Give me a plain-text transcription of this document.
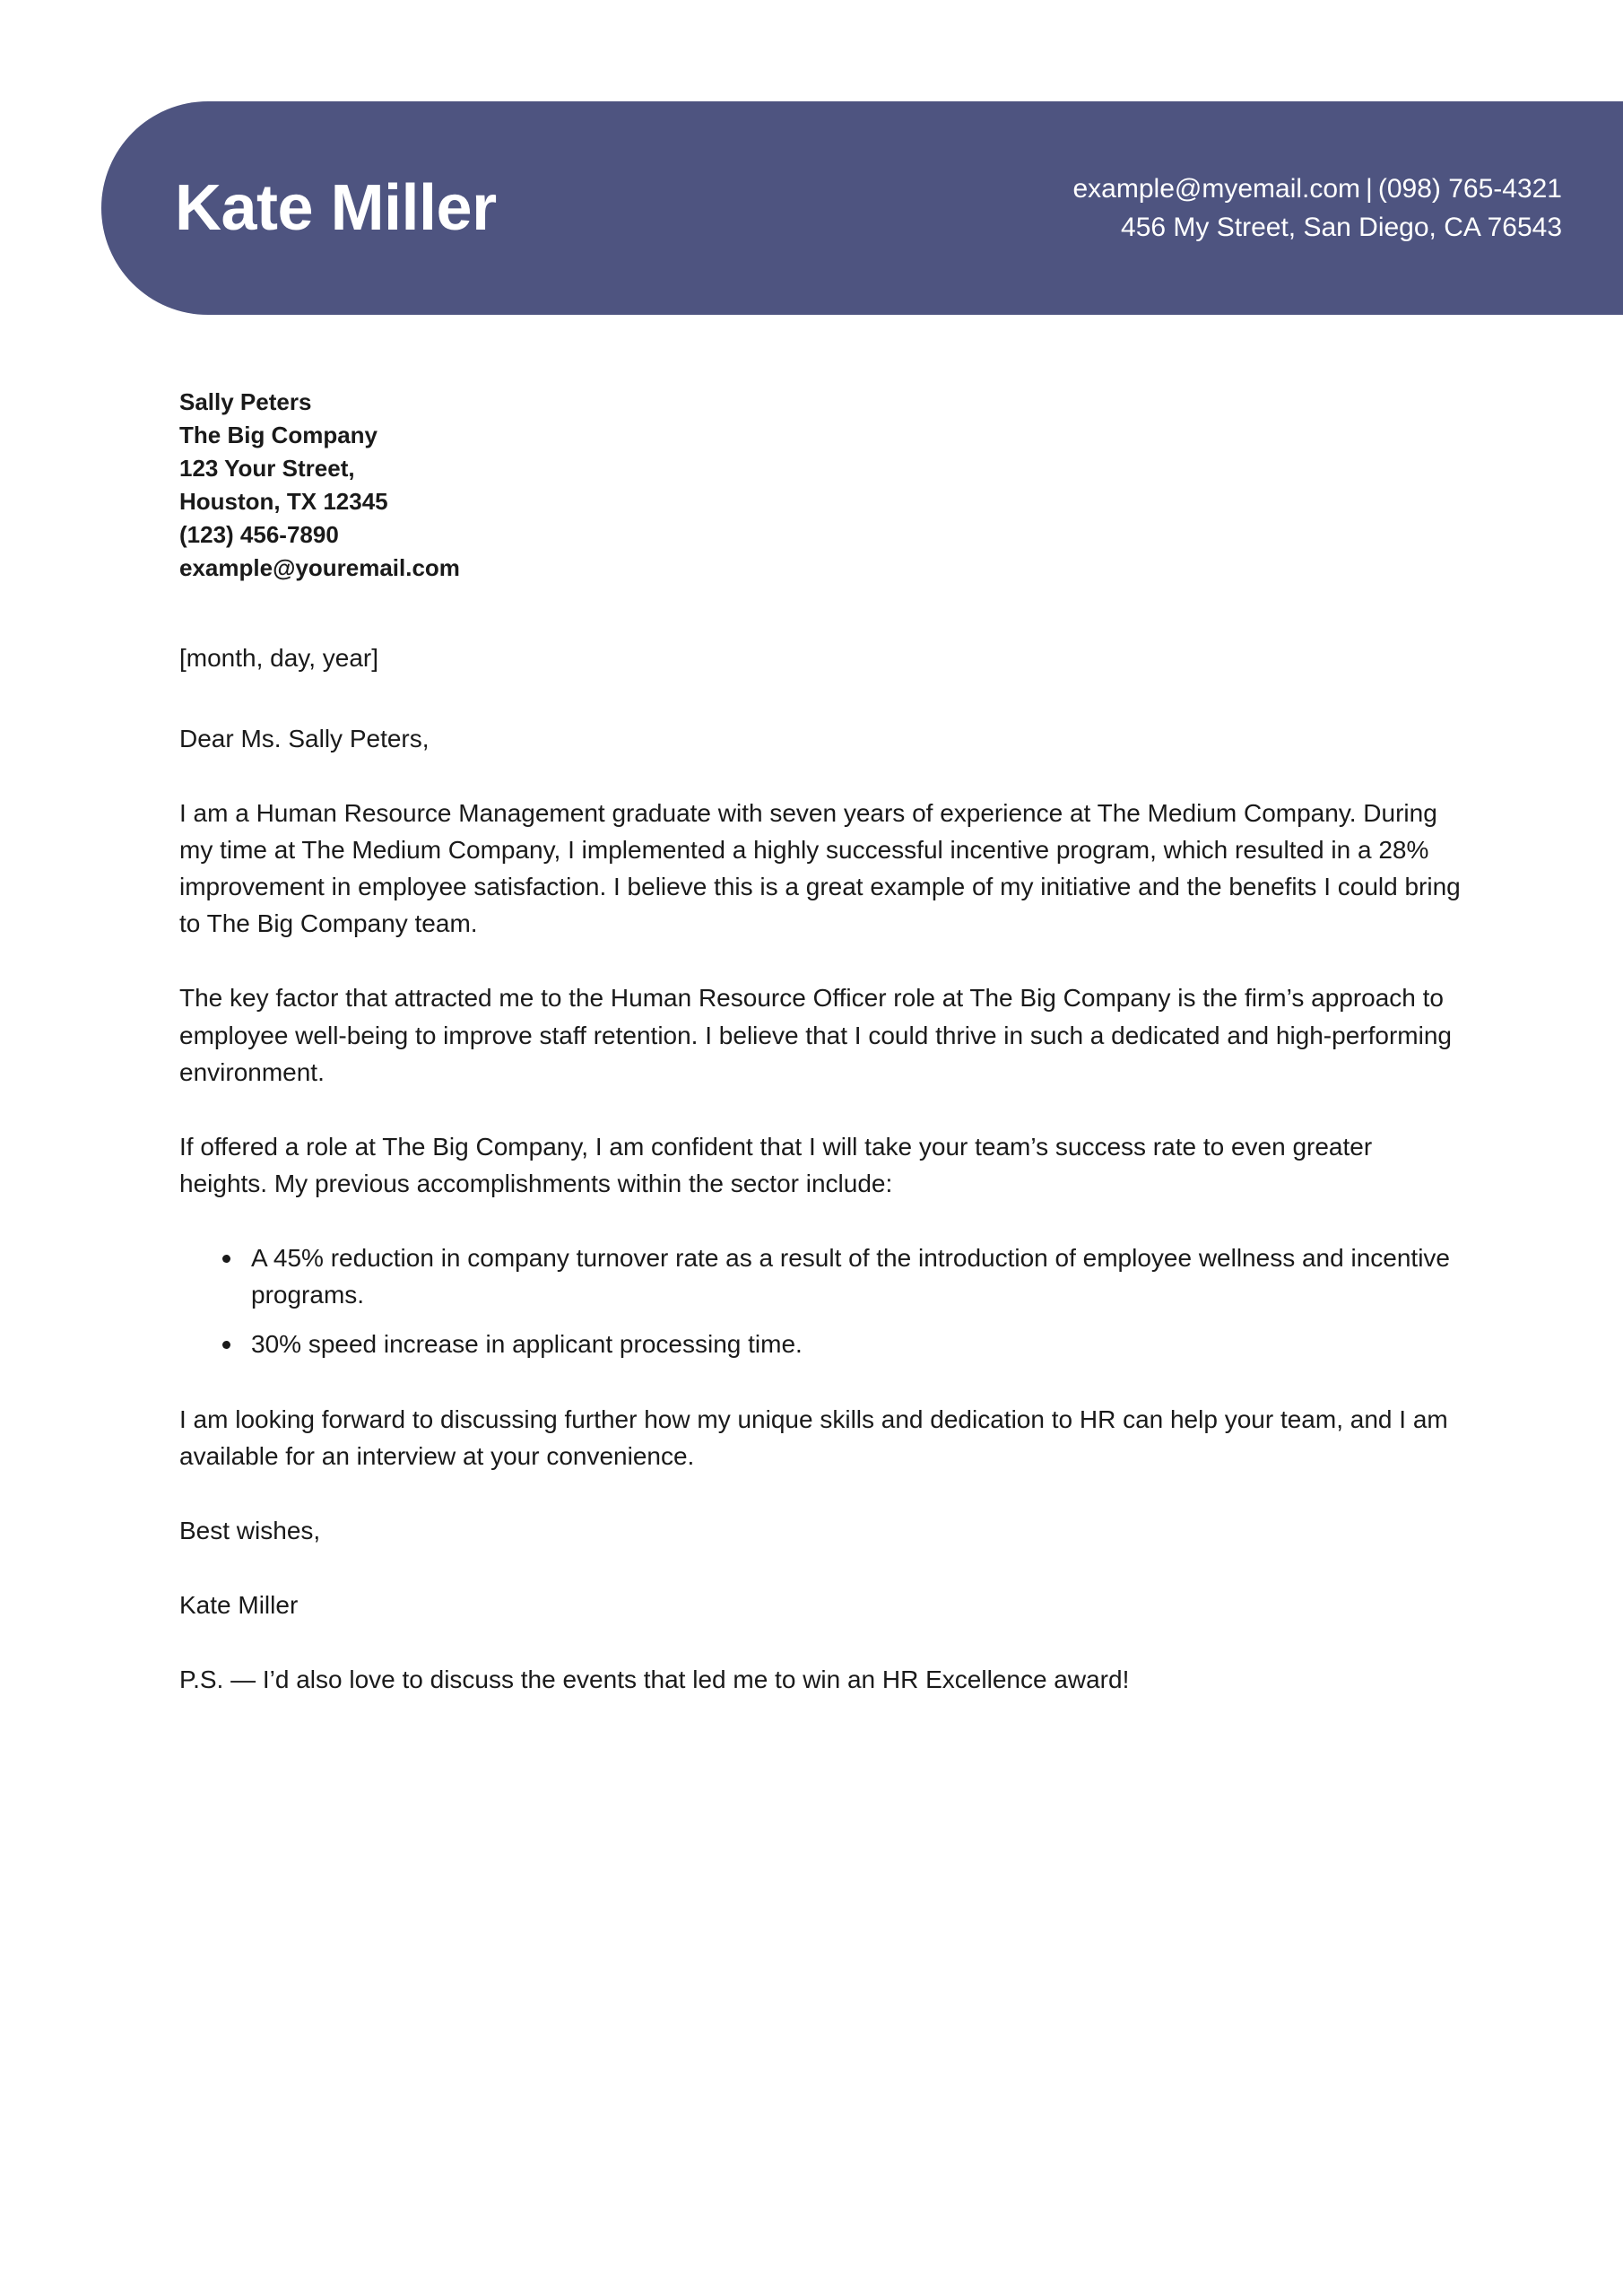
Kate Miller	example@myemail.com | (098) 765-4321
456 My Street, San Diego, CA 76543
Sally Peters
The Big Company
123 Your Street,
Houston, TX 12345
(123) 456-7890
example@youremail.com

[month, day, year]

Dear Ms. Sally Peters,

I am a Human Resource Management graduate with seven years of experience at The Medium Company. During my time at The Medium Company, I implemented a highly successful incentive program, which resulted in a 28% improvement in employee satisfaction. I believe this is a great example of my initiative and the benefits I could bring to The Big Company team.

The key factor that attracted me to the Human Resource Officer role at The Big Company is the firm’s approach to employee well-being to improve staff retention. I believe that I could thrive in such a dedicated and high-performing environment.

If offered a role at The Big Company, I am confident that I will take your team’s success rate to even greater heights. My previous accomplishments within the sector include:

A 45% reduction in company turnover rate as a result of the introduction of employee wellness and incentive programs.
30% speed increase in applicant processing time.

I am looking forward to discussing further how my unique skills and dedication to HR can help your team, and I am available for an interview at your convenience.

Best wishes,

Kate Miller

P.S. — I’d also love to discuss the events that led me to win an HR Excellence award!
